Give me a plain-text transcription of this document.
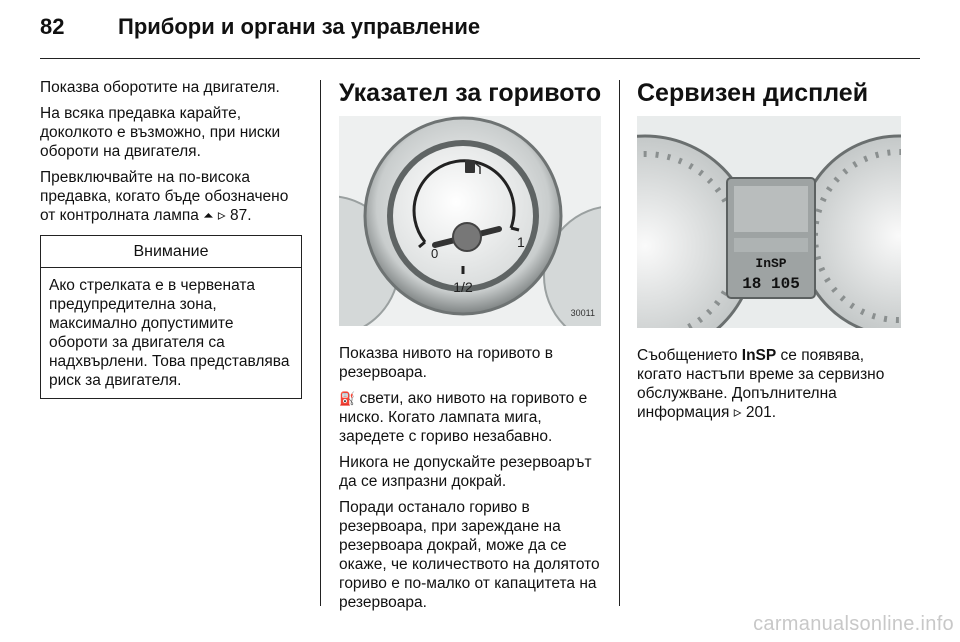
82 Прибори и органи за управление

Показва оборотите на двигателя.

На всяка предавка карайте, доколкото е възможно, при ниски обороти на двигателя.

Превключвайте на по-висока предавка, когато бъде обозначено от контролната лампа ⏶ ▹ 87.

Внимание
Ако стрелката е в червената предупредителна зона, максимално допустимите обороти за двигателя са надхвърлени. Това представлява риск за двигателя.
Указател за горивото
0
1/2
1
30011

Показва нивото на горивото в резервоара.

⛽ свети, ако нивото на горивото е ниско. Когато лампата мига, заредете с гориво незабавно.

Никога не допускайте резервоарът да се изпразни докрай.

Поради останало гориво в резервоара, при зареждане на резервоара докрай, може да се окаже, че количеството на долятото гориво е по-малко от капацитета на резервоара.

Сервизен дисплей
InSP
18 105

Съобщението InSP се появява, когато настъпи време за сервизно обслужване. Допълнителна информация ▹ 201.

carmanualsonline.info
